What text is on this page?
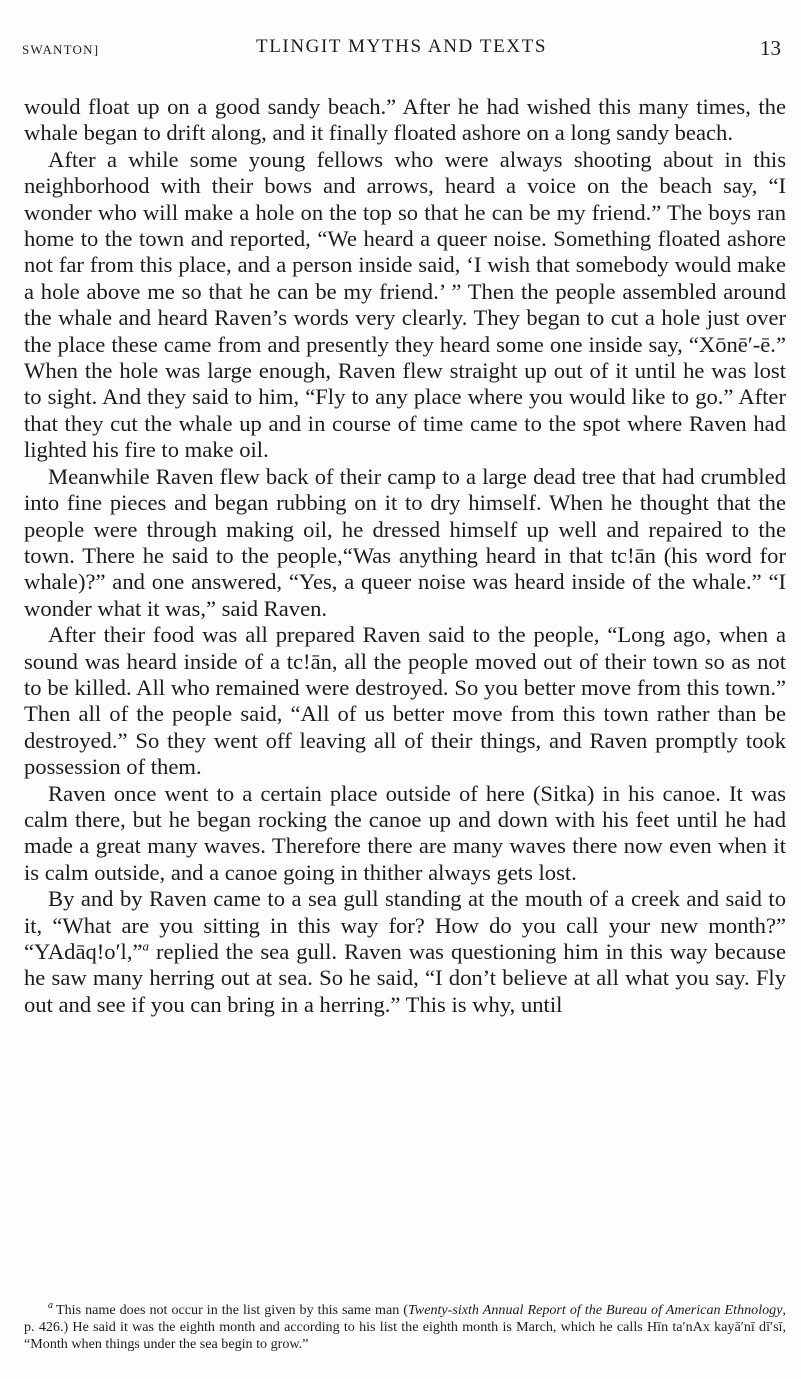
SWANTON]	TLINGIT MYTHS AND TEXTS	13

would float up on a good sandy beach.” After he had wished this many times, the whale began to drift along, and it finally floated ashore on a long sandy beach.

After a while some young fellows who were always shooting about in this neighborhood with their bows and arrows, heard a voice on the beach say, “I wonder who will make a hole on the top so that he can be my friend.” The boys ran home to the town and reported, “We heard a queer noise. Something floated ashore not far from this place, and a person inside said, ‘I wish that somebody would make a hole above me so that he can be my friend.’ ” Then the people assembled around the whale and heard Raven’s words very clearly. They began to cut a hole just over the place these came from and presently they heard some one inside say, “Xōnē′-ē.” When the hole was large enough, Raven flew straight up out of it until he was lost to sight. And they said to him, “Fly to any place where you would like to go.” After that they cut the whale up and in course of time came to the spot where Raven had lighted his fire to make oil.

Meanwhile Raven flew back of their camp to a large dead tree that had crumbled into fine pieces and began rubbing on it to dry himself. When he thought that the people were through making oil, he dressed himself up well and repaired to the town. There he said to the people,“Was anything heard in that tc!ān (his word for whale)?” and one answered, “Yes, a queer noise was heard inside of the whale.” “I wonder what it was,” said Raven.

After their food was all prepared Raven said to the people, “Long ago, when a sound was heard inside of a tc!ān, all the people moved out of their town so as not to be killed. All who remained were destroyed. So you better move from this town.” Then all of the people said, “All of us better move from this town rather than be destroyed.” So they went off leaving all of their things, and Raven promptly took possession of them.

Raven once went to a certain place outside of here (Sitka) in his canoe. It was calm there, but he began rocking the canoe up and down with his feet until he had made a great many waves. Therefore there are many waves there now even when it is calm outside, and a canoe going in thither always gets lost.

By and by Raven came to a sea gull standing at the mouth of a creek and said to it, “What are you sitting in this way for? How do you call your new month?” “YAdāq!o′l,”$^a$ replied the sea gull. Raven was questioning him in this way because he saw many herring out at sea. So he said, “I don’t believe at all what you say. Fly out and see if you can bring in a herring.” This is why, until

$^a$ This name does not occur in the list given by this same man (Twenty-sixth Annual Report of the Bureau of American Ethnology, p. 426.) He said it was the eighth month and according to his list the eighth month is March, which he calls Hīn ta′nAx kayā′nī dī′sī, “Month when things under the sea begin to grow.”
